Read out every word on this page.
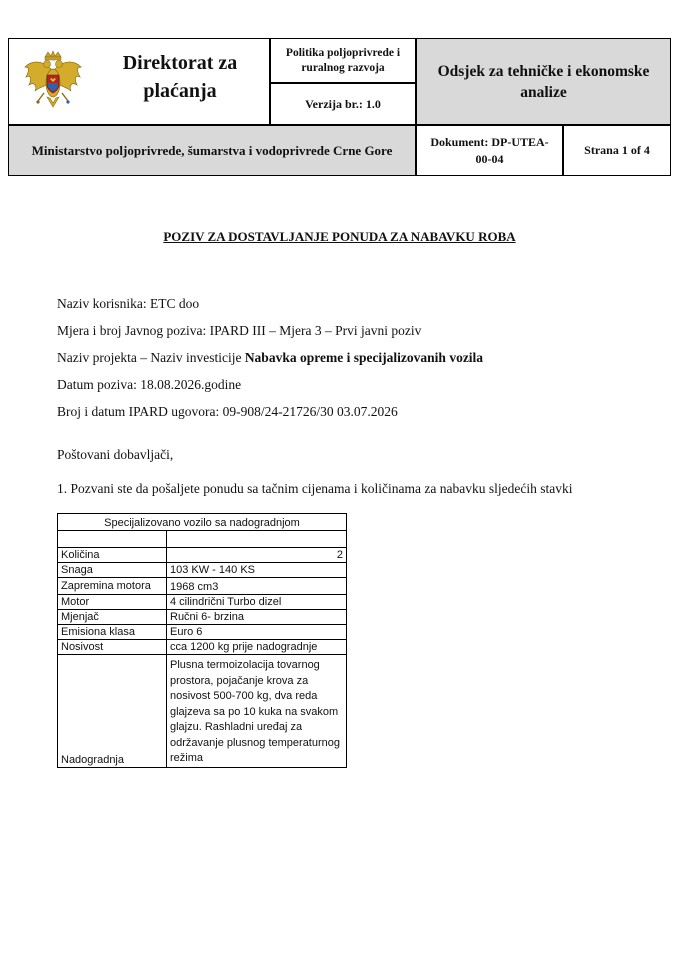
Direktorat za plaćanja
Politika poljoprivrede i ruralnog razvoja
Verzija br.: 1.0
Odsjek za tehničke i ekonomske analize
Ministarstvo poljoprivrede, šumarstva i vodoprivrede Crne Gore
Dokument: DP-UTEA-00-04
Strana 1 of 4
POZIV ZA DOSTAVLJANJE PONUDA ZA NABAVKU ROBA
Naziv korisnika: ETC doo
Mjera i broj Javnog poziva: IPARD III – Mjera 3 – Prvi javni poziv
Naziv projekta – Naziv investicije Nabavka opreme i specijalizovanih vozila
Datum poziva: 18.08.2026.godine
Broj i datum IPARD ugovora: 09-908/24-21726/30 03.07.2026
Poštovani dobavljači,
1. Pozvani ste da pošaljete ponudu sa tačnim cijenama i količinama za nabavku sljedećih stavki
Specijalizovano vozilo sa nadogradnjom	

Količina	2
Snaga	103 KW - 140 KS
Zapremina motora	1968 cm3
Motor	4 cilindrični Turbo dizel
Mjenjač	Ručni 6- brzina
Emisiona klasa	Euro 6
Nosivost	cca 1200 kg prije nadogradnje
Nadogradnja	Plusna termoizolacija tovarnog prostora, pojačanje krova za nosivost 500-700 kg, dva reda glajzeva sa po 10 kuka na svakom glajzu. Rashladni uređaj za održavanje plusnog temperaturnog režima
